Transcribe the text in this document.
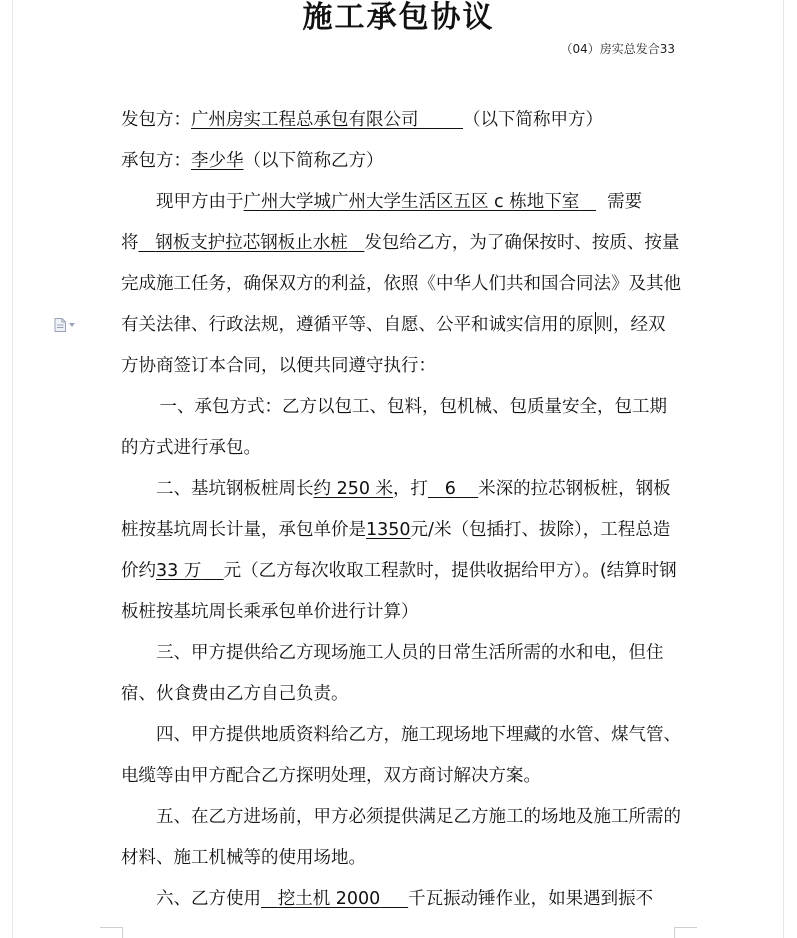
施工承包协议
（04）房实总发合33

发包方：广州房实工程总承包有限公司	（以下简称甲方）

承包方：李少华（以下简称乙方）

现甲方由于广州大学城广州大学生活区五区 c 栋地下室 需要将 钢板支护拉芯钢板止水桩 发包给乙方，为了确保按时、按质、按量完成施工任务，确保双方的利益，依照《中华人们共和国合同法》及其他有关法律、行政法规，遵循平等、自愿、公平和诚实信用的原 则，经双方协商签订本合同，以便共同遵守执行：

一、承包方式：乙方以包工、包料，包机械、包质量安全，包工期的方式进行承包。

二、基坑钢板桩周长约 250 米，打 6 米深的拉芯钢板桩，钢板桩按基坑周长计量，承包单价是1350元/米（包插打、拔除），工程总造价约33 万 元（乙方每次收取工程款时，提供收据给甲方）。(结算时钢板桩按基坑周长乘承包单价进行计算）

三、甲方提供给乙方现场施工人员的日常生活所需的水和电，但住宿、伙食费由乙方自己负责。

四、甲方提供地质资料给乙方，施工现场地下埋藏的水管、煤气管、电缆等由甲方配合乙方探明处理，双方商讨解决方案。

五、在乙方进场前，甲方必须提供满足乙方施工的场地及施工所需的材料、施工机械等的使用场地。

六、乙方使用 挖土机 2000 千瓦振动锤作业，如果遇到振不
